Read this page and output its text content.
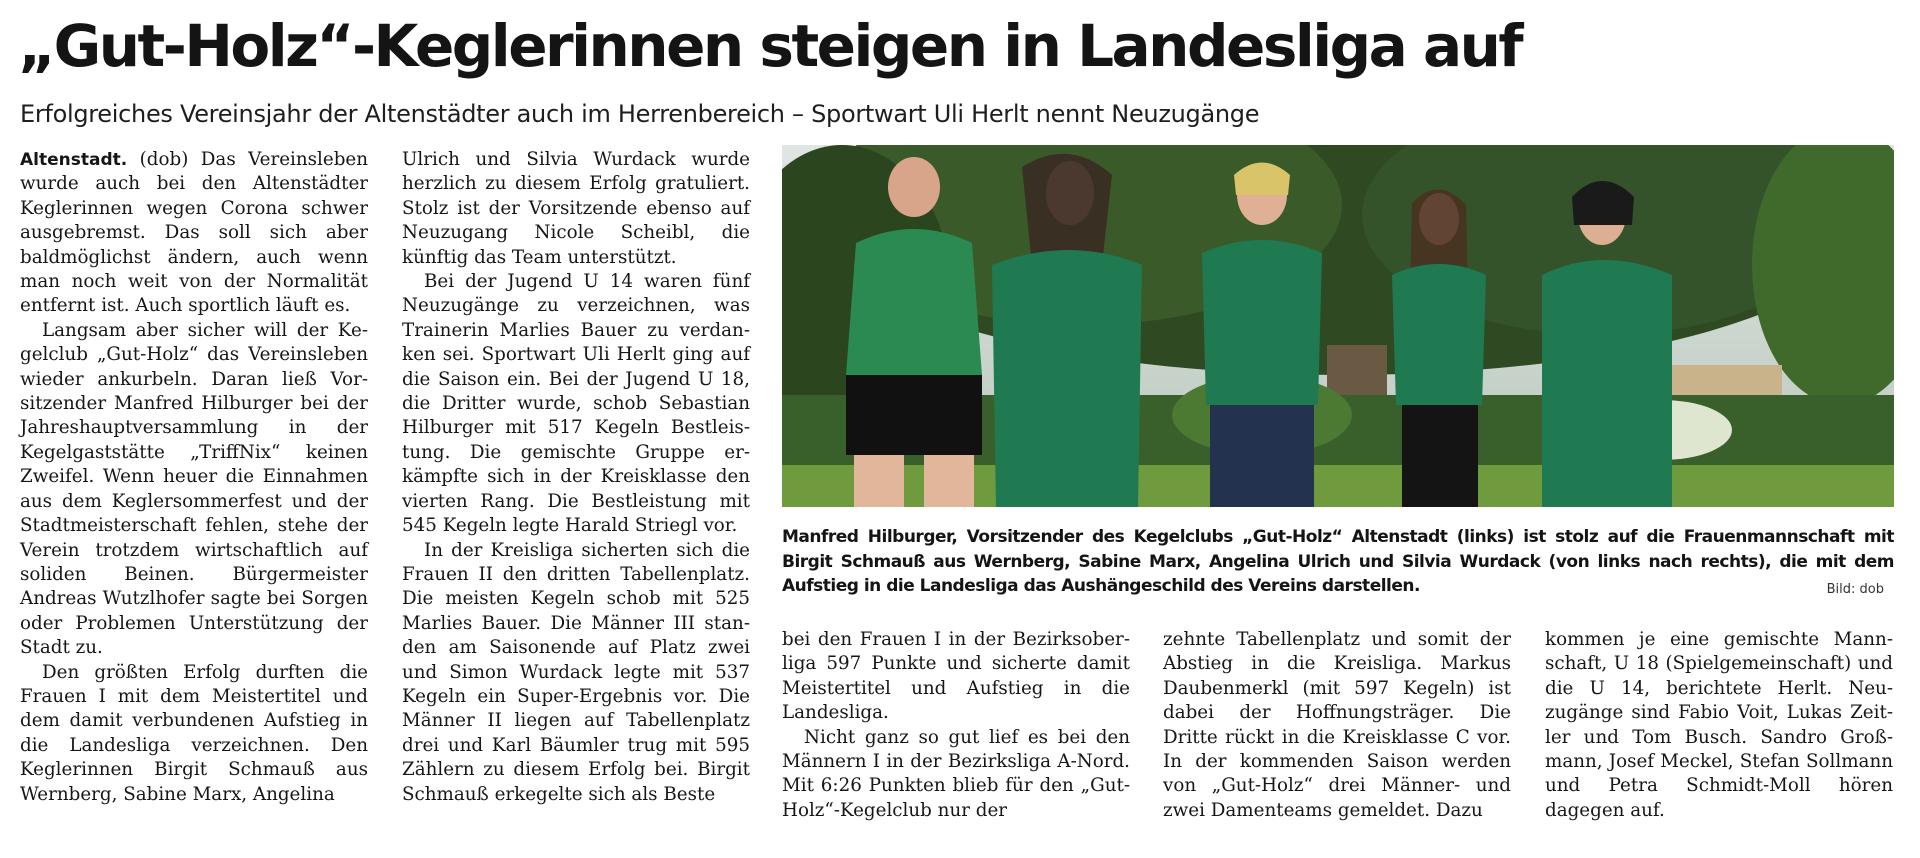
„Gut-Holz“-Keglerinnen steigen in Landesliga auf
Erfolgreiches Vereinsjahr der Altenstädter auch im Herrenbereich – Sportwart Uli Herlt nennt Neuzugänge

Altenstadt. (dob) Das Vereinsleben wurde auch bei den Altenstädter Keglerinnen wegen Corona schwer ausgebremst. Das soll sich aber baldmöglichst ändern, auch wenn man noch weit von der Normalität entfernt ist. Auch sportlich läuft es.

Langsam aber sicher will der Kegelclub „Gut-Holz“ das Vereinsleben wieder ankurbeln. Daran ließ Vorsitzender Manfred Hilburger bei der Jahreshauptversammlung in der Kegelgaststätte „TriffNix“ keinen Zweifel. Wenn heuer die Einnahmen aus dem Keglersommerfest und der Stadtmeisterschaft fehlen, stehe der Verein trotzdem wirtschaftlich auf soliden Beinen. Bürgermeister Andreas Wutzlhofer sagte bei Sorgen oder Problemen Unterstützung der Stadt zu.

Den größten Erfolg durften die Frauen I mit dem Meistertitel und dem damit verbundenen Aufstieg in die Landesliga verzeichnen. Den Keglerinnen Birgit Schmauß aus Wernberg, Sabine Marx, Angelina

Ulrich und Silvia Wurdack wurde herzlich zu diesem Erfolg gratuliert. Stolz ist der Vorsitzende ebenso auf Neuzugang Nicole Scheibl, die künftig das Team unterstützt.

Bei der Jugend U 14 waren fünf Neuzugänge zu verzeichnen, was Trainerin Marlies Bauer zu verdanken sei. Sportwart Uli Herlt ging auf die Saison ein. Bei der Jugend U 18, die Dritter wurde, schob Sebastian Hilburger mit 517 Kegeln Bestleistung. Die gemischte Gruppe erkämpfte sich in der Kreisklasse den vierten Rang. Die Bestleistung mit 545 Kegeln legte Harald Striegl vor.

In der Kreisliga sicherten sich die Frauen II den dritten Tabellenplatz. Die meisten Kegeln schob mit 525 Marlies Bauer. Die Männer III standen am Saisonende auf Platz zwei und Simon Wurdack legte mit 537 Kegeln ein Super-Ergebnis vor. Die Männer II liegen auf Tabellenplatz drei und Karl Bäumler trug mit 595 Zählern zu diesem Erfolg bei. Birgit Schmauß erkegelte sich als Beste

Manfred Hilburger, Vorsitzender des Kegelclubs „Gut-Holz“ Altenstadt (links) ist stolz auf die Frauenmannschaft mit Birgit Schmauß aus Wernberg, Sabine Marx, Angelina Ulrich und Silvia Wurdack (von links nach rechts), die mit dem Aufstieg in die Landesliga das Aushängeschild des Vereins darstellen.	Bild: dob

bei den Frauen I in der Bezirksoberliga 597 Punkte und sicherte damit Meistertitel und Aufstieg in die Landesliga.

Nicht ganz so gut lief es bei den Männern I in der Bezirksliga A-Nord. Mit 6:26 Punkten blieb für den „Gut-Holz“-Kegelclub nur der

zehnte Tabellenplatz und somit der Abstieg in die Kreisliga. Markus Daubenmerkl (mit 597 Kegeln) ist dabei der Hoffnungsträger. Die Dritte rückt in die Kreisklasse C vor. In der kommenden Saison werden von „Gut-Holz“ drei Männer- und zwei Damenteams gemeldet. Dazu

kommen je eine gemischte Mannschaft, U 18 (Spielgemeinschaft) und die U 14, berichtete Herlt. Neuzugänge sind Fabio Voit, Lukas Zeitler und Tom Busch. Sandro Großmann, Josef Meckel, Stefan Sollmann und Petra Schmidt-Moll hören dagegen auf.
